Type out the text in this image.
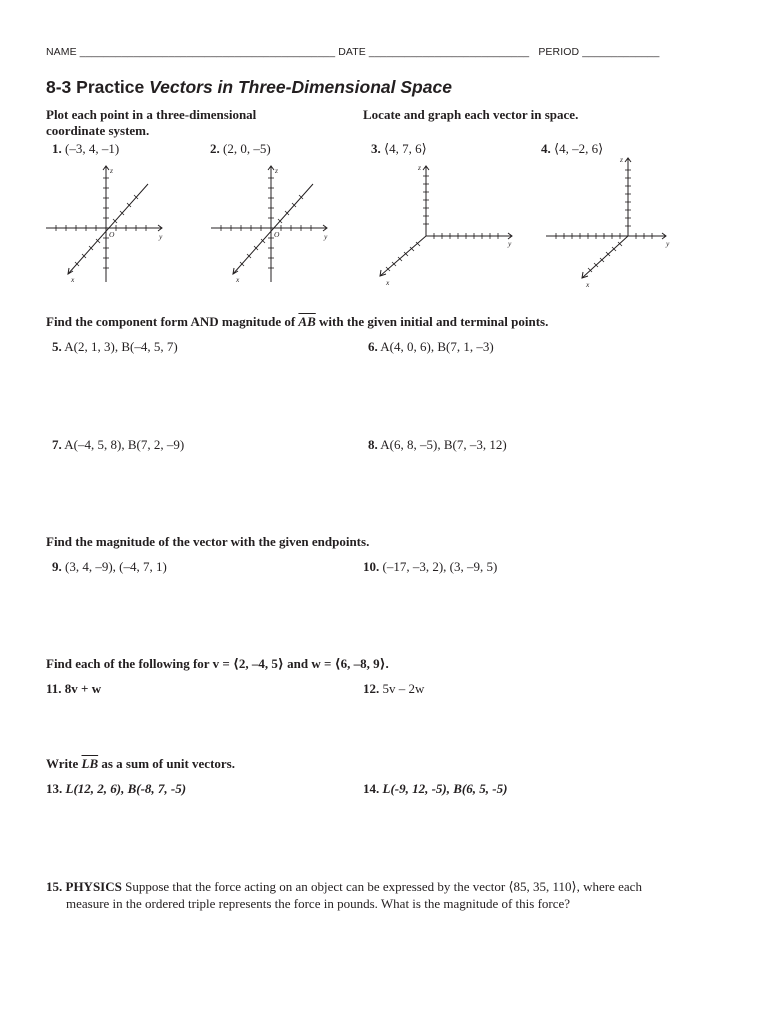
NAME ___________________________________________ DATE ___________________________ PERIOD _____________
8-3 Practice Vectors in Three-Dimensional Space
Plot each point in a three-dimensional coordinate system.
Locate and graph each vector in space.
1. (–3, 4, –1)	2. (2, 0, –5)	3. ⟨4, 7, 6⟩	4. ⟨4, –2, 6⟩
z
y
x
O
z
y
x
O
z
y
x
z
y
x
Find the component form AND magnitude of $\overline{AB}$ with the given initial and terminal points.
5. A(2, 1, 3), B(–4, 5, 7)	6. A(4, 0, 6), B(7, 1, –3)
7. A(–4, 5, 8), B(7, 2, –9)	8. A(6, 8, –5), B(7, –3, 12)
Find the magnitude of the vector with the given endpoints.
9. (3, 4, –9), (–4, 7, 1)	10. (–17, –3, 2), (3, –9, 5)
Find each of the following for v = ⟨2, –4, 5⟩ and w = ⟨6, –8, 9⟩.
11. 8v + w	12. 5v – 2w
Write $\overline{LB}$ as a sum of unit vectors.
13. L(12, 2, 6), B(-8, 7, -5)	14. L(-9, 12, -5), B(6, 5, -5)
15. PHYSICS Suppose that the force acting on an object can be expressed by the vector ⟨85, 35, 110⟩, where each
measure in the ordered triple represents the force in pounds. What is the magnitude of this force?
